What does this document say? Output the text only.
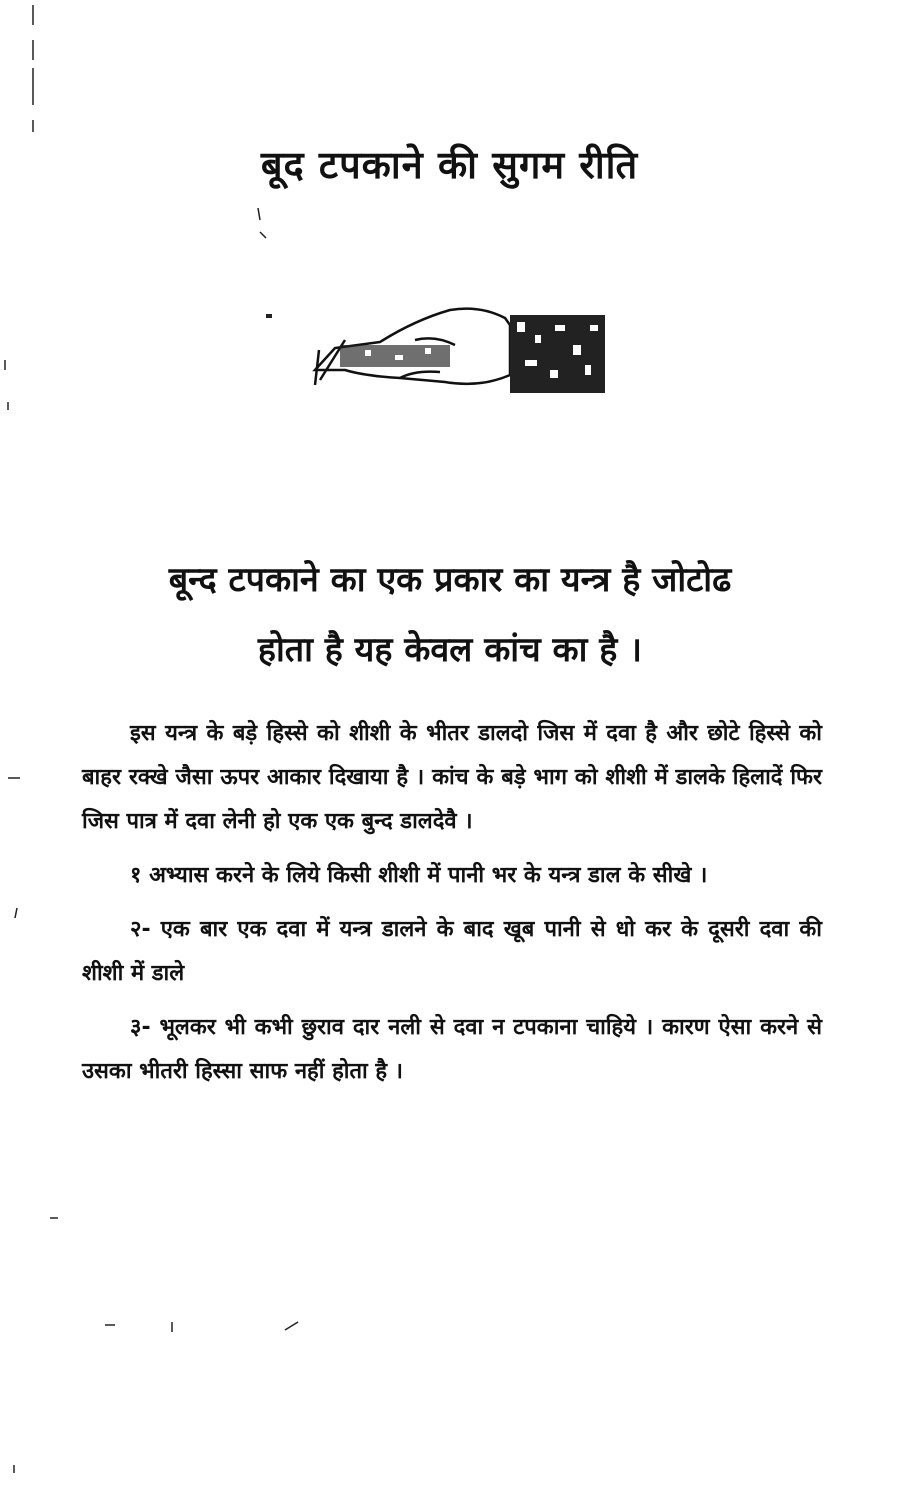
बूद टपकाने की सुगम रीति

बून्द टपकाने का एक प्रकार का यन्त्र है जोटोढ

होता है यह केवल कांच का है ।

इस यन्त्र के बड़े हिस्से को शीशी के भीतर डालदो जिस में दवा है और छोटे हिस्से को बाहर रक्खे जैसा ऊपर आकार दिखाया है । कांच के बड़े भाग को शीशी में डालके हिलादें फिर जिस पात्र में दवा लेनी हो एक एक बुन्द डालदेवै ।

१ अभ्यास करने के लिये किसी शीशी में पानी भर के यन्त्र डाल के सीखे ।

२- एक बार एक दवा में यन्त्र डालने के बाद खूब पानी से धो कर के दूसरी दवा की शीशी में डाले

३- भूलकर भी कभी छुराव दार नली से दवा न टपकाना चाहिये । कारण ऐसा करने से उसका भीतरी हिस्सा साफ नहीं होता है ।
